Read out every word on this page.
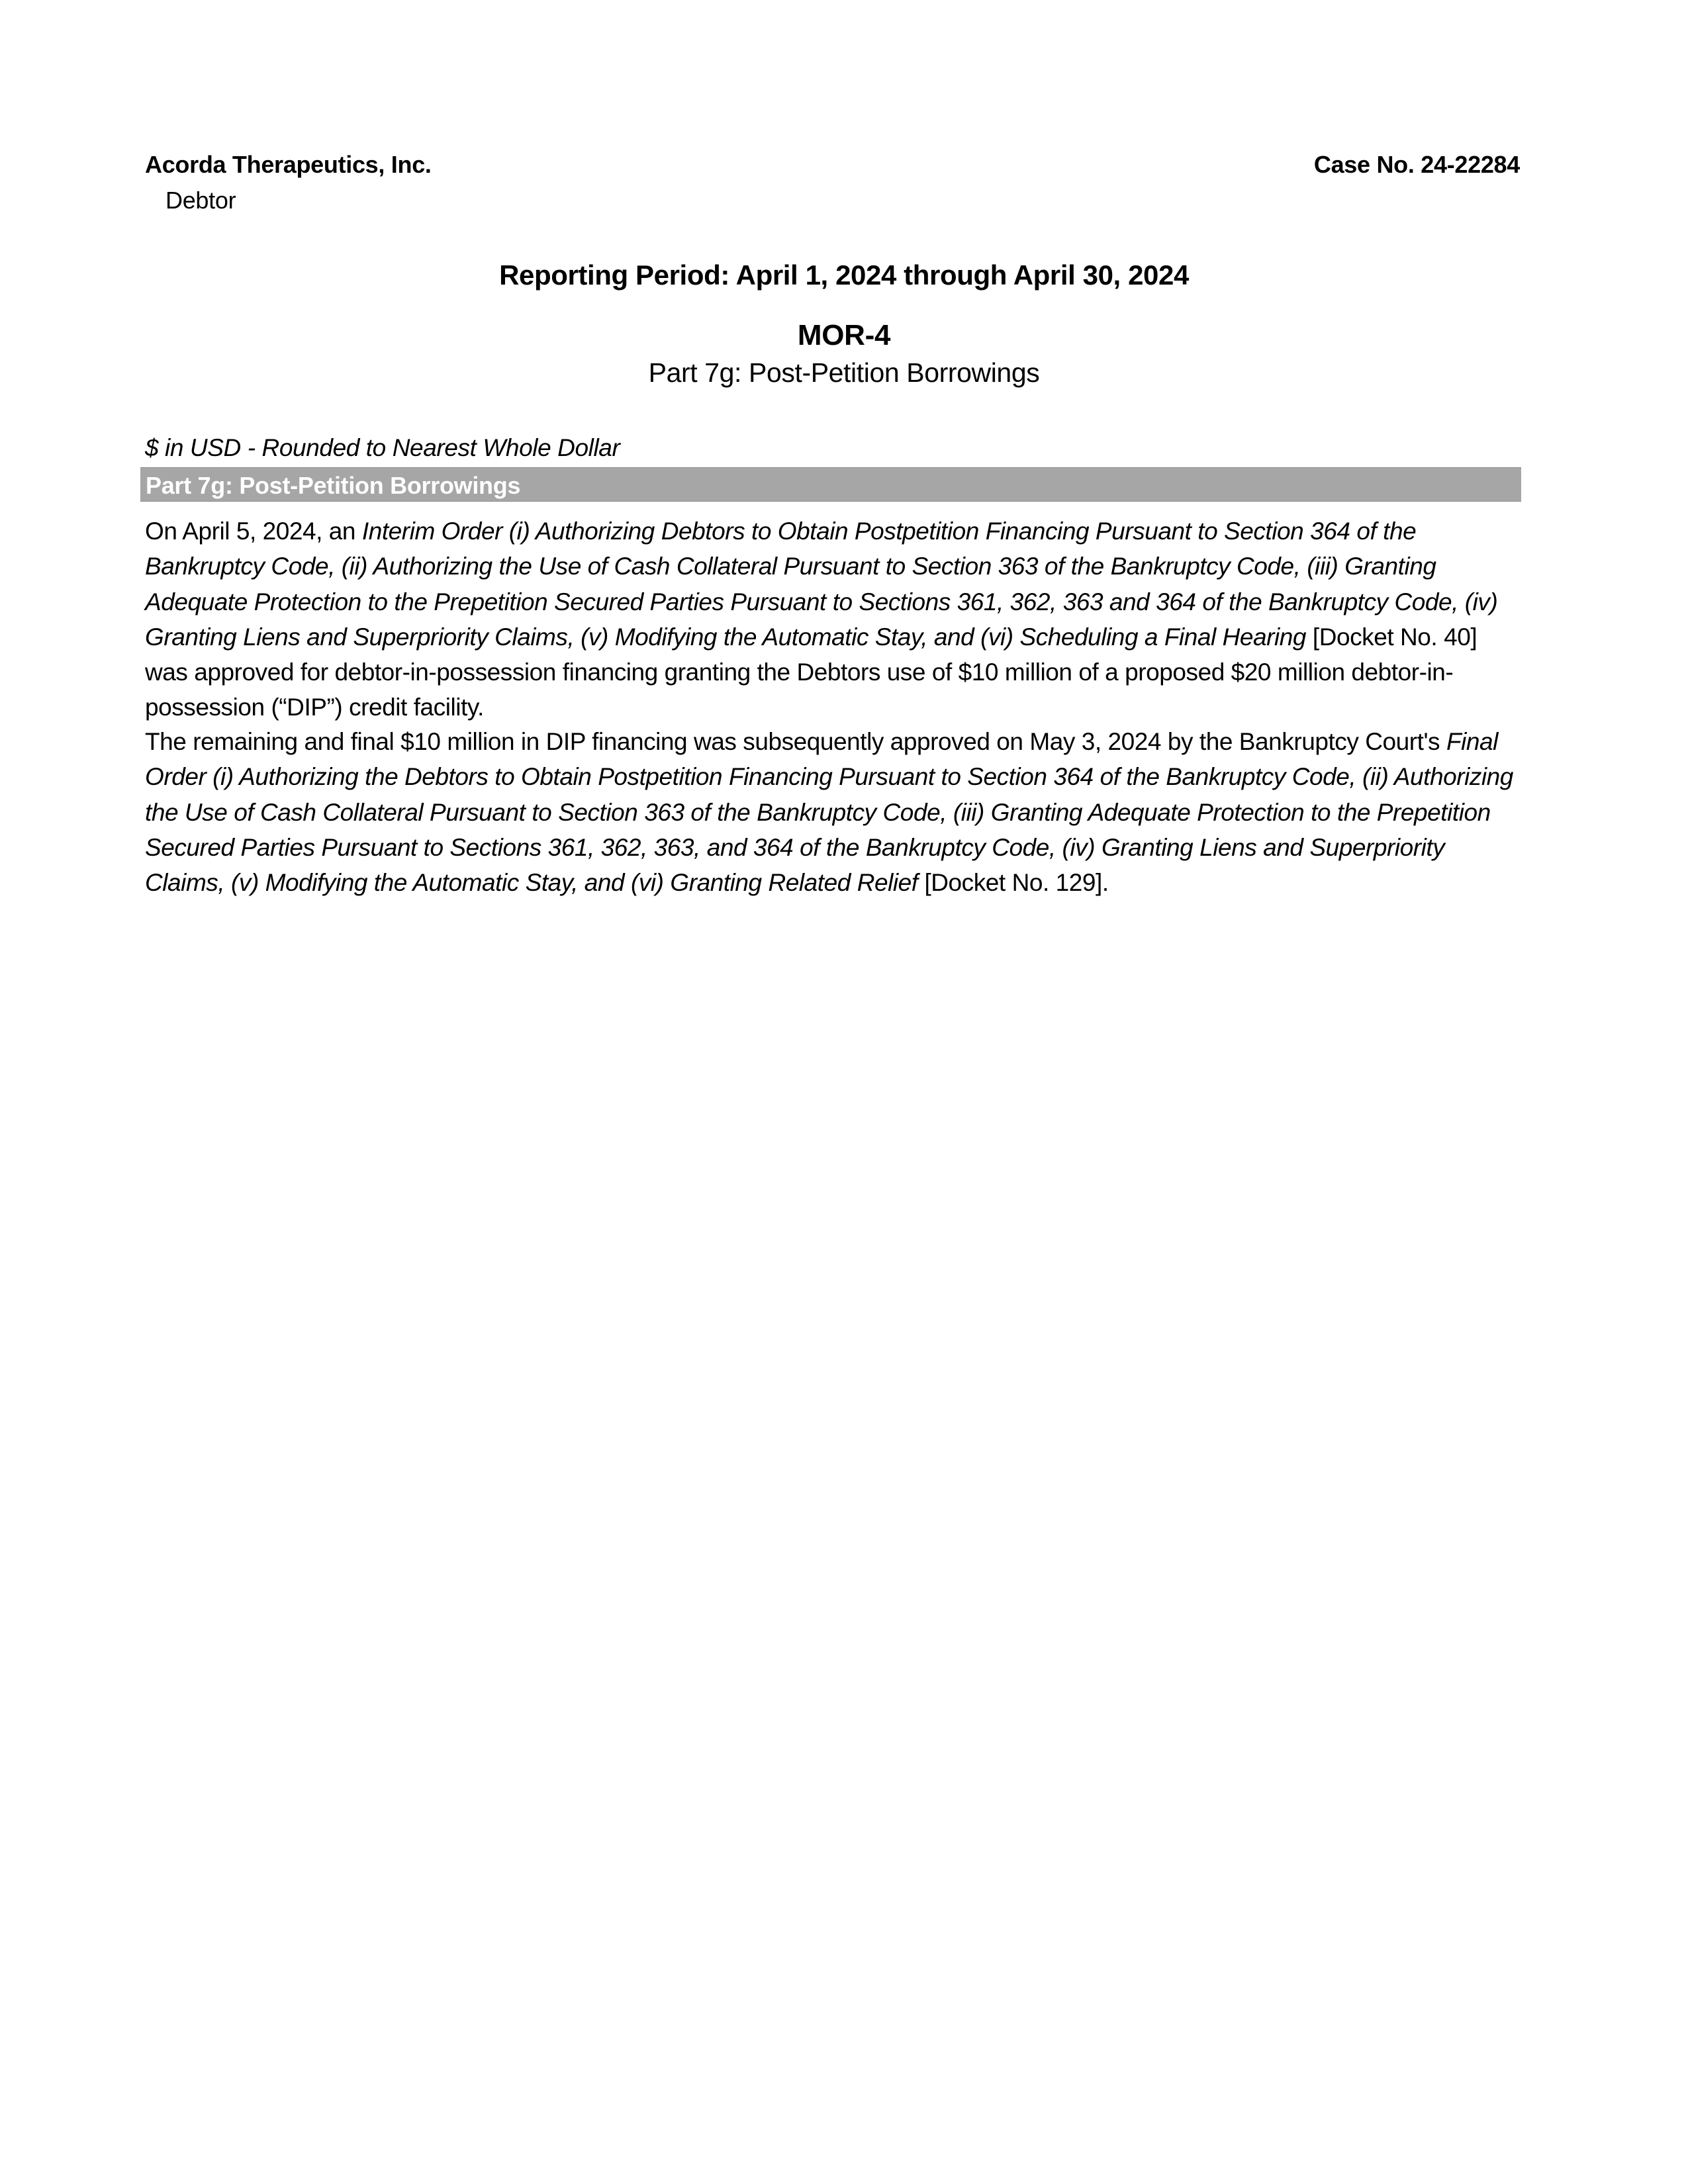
Acorda Therapeutics, Inc.
Debtor
Case No. 24-22284
Reporting Period: April 1, 2024 through April 30, 2024
MOR-4
Part 7g: Post-Petition Borrowings
$ in USD - Rounded to Nearest Whole Dollar
Part 7g: Post-Petition Borrowings
On April 5, 2024, an Interim Order (i) Authorizing Debtors to Obtain Postpetition Financing Pursuant to Section 364 of the Bankruptcy Code, (ii) Authorizing the Use of Cash Collateral Pursuant to Section 363 of the Bankruptcy Code, (iii) Granting Adequate Protection to the Prepetition Secured Parties Pursuant to Sections 361, 362, 363 and 364 of the Bankruptcy Code, (iv) Granting Liens and Superpriority Claims, (v) Modifying the Automatic Stay, and (vi) Scheduling a Final Hearing [Docket No. 40] was approved for debtor-in-possession financing granting the Debtors use of $10 million of a proposed $20 million debtor-in-possession (“DIP”) credit facility.
The remaining and final $10 million in DIP financing was subsequently approved on May 3, 2024 by the Bankruptcy Court's Final Order (i) Authorizing the Debtors to Obtain Postpetition Financing Pursuant to Section 364 of the Bankruptcy Code, (ii) Authorizing the Use of Cash Collateral Pursuant to Section 363 of the Bankruptcy Code, (iii) Granting Adequate Protection to the Prepetition Secured Parties Pursuant to Sections 361, 362, 363, and 364 of the Bankruptcy Code, (iv) Granting Liens and Superpriority Claims, (v) Modifying the Automatic Stay, and (vi) Granting Related Relief [Docket No. 129].
